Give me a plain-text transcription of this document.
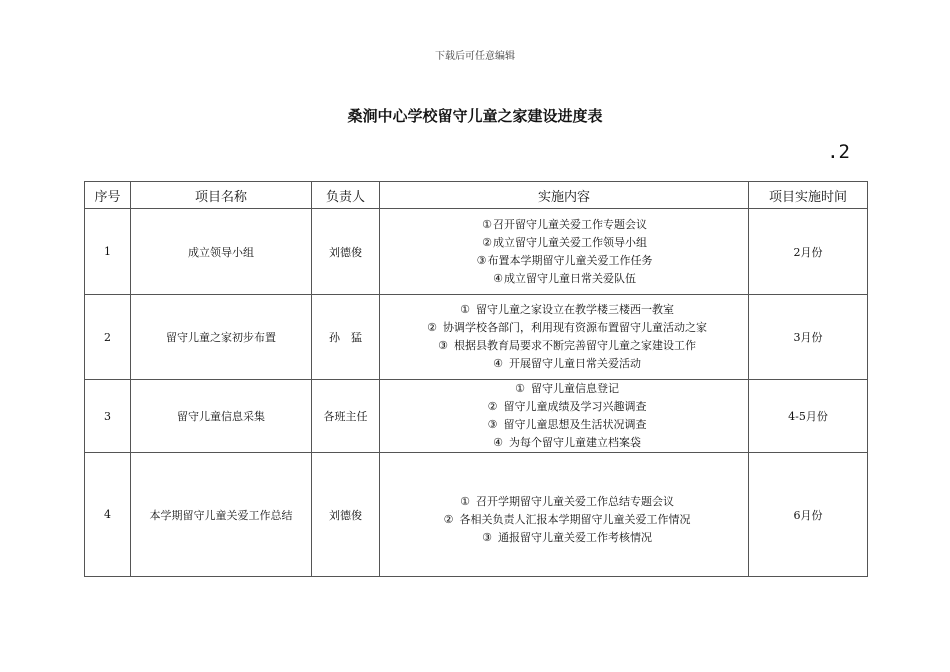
下载后可任意编辑
桑涧中心学校留守儿童之家建设进度表
.2
序号	项目名称	负责人	实施内容	项目实施时间
1	成立领导小组	刘德俊	①召开留守儿童关爱工作专题会议
②成立留守儿童关爱工作领导小组
③布置本学期留守儿童关爱工作任务
④成立留守儿童日常关爱队伍	2月份
2	留守儿童之家初步布置	孙　猛	① 留守儿童之家设立在教学楼三楼西一教室
② 协调学校各部门，利用现有资源布置留守儿童活动之家
③ 根据县教育局要求不断完善留守儿童之家建设工作
④ 开展留守儿童日常关爱活动	3月份
3	留守儿童信息采集	各班主任	① 留守儿童信息登记
② 留守儿童成绩及学习兴趣调查
③ 留守儿童思想及生活状况调查
④ 为每个留守儿童建立档案袋	4-5月份
4	本学期留守儿童关爱工作总结	刘德俊	① 召开学期留守儿童关爱工作总结专题会议
② 各相关负责人汇报本学期留守儿童关爱工作情况
③ 通报留守儿童关爱工作考核情况	6月份
